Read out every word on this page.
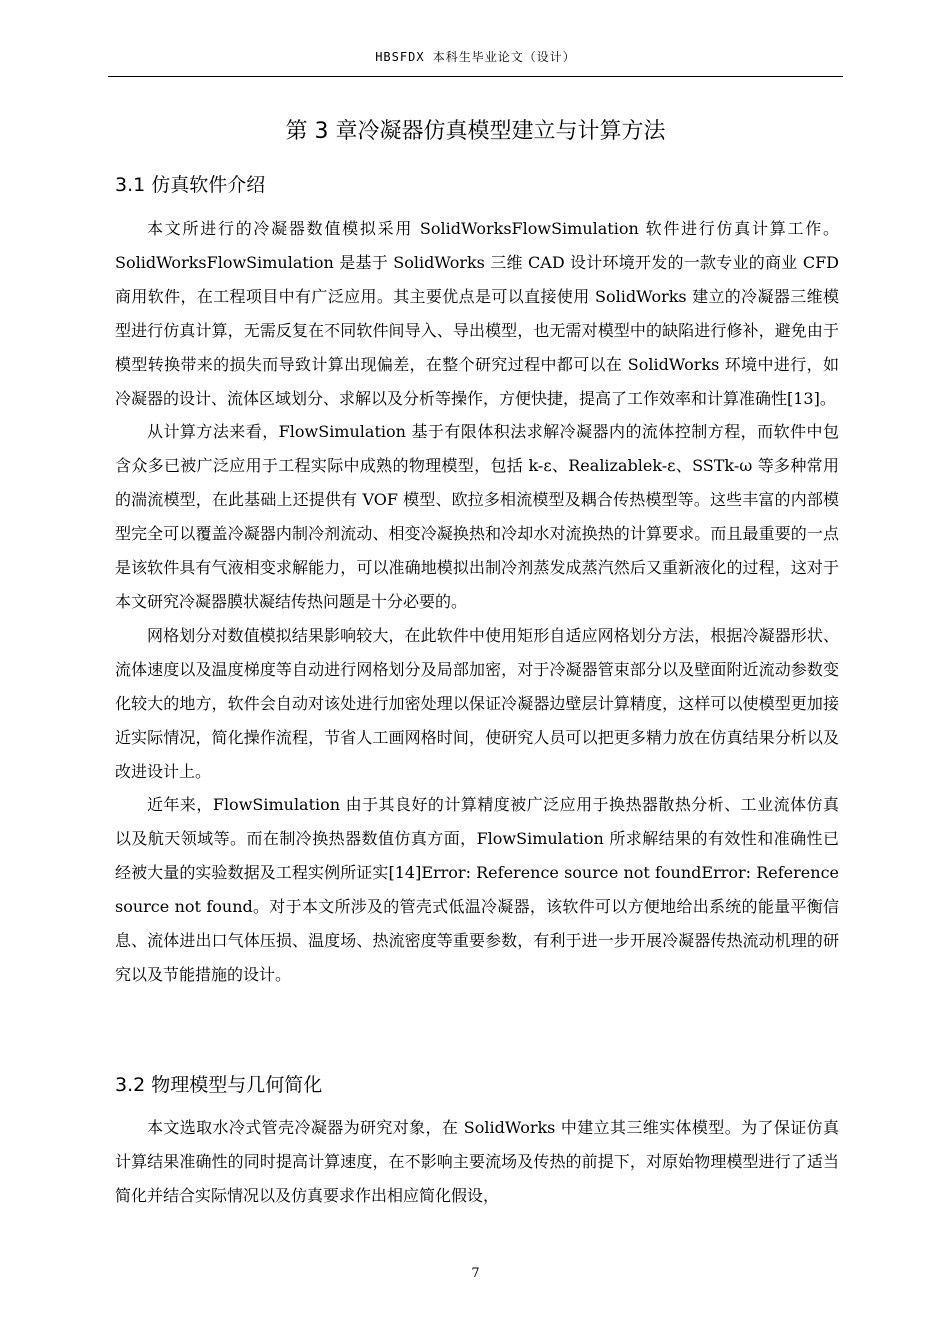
HBSFDX 本科生毕业论文（设计）
第 3 章冷凝器仿真模型建立与计算方法
3.1 仿真软件介绍

本文所进行的冷凝器数值模拟采用 SolidWorksFlowSimulation 软件进行仿真计算工作。SolidWorksFlowSimulation 是基于 SolidWorks 三维 CAD 设计环境开发的一款专业的商业 CFD 商用软件，在工程项目中有广泛应用。其主要优点是可以直接使用 SolidWorks 建立的冷凝器三维模型进行仿真计算，无需反复在不同软件间导入、导出模型，也无需对模型中的缺陷进行修补，避免由于模型转换带来的损失而导致计算出现偏差，在整个研究过程中都可以在 SolidWorks 环境中进行，如冷凝器的设计、流体区域划分、求解以及分析等操作，方便快捷，提高了工作效率和计算准确性[13]。

从计算方法来看，FlowSimulation 基于有限体积法求解冷凝器内的流体控制方程，而软件中包含众多已被广泛应用于工程实际中成熟的物理模型，包括 k-ε、Realizablek-ε、SSTk-ω 等多种常用的湍流模型，在此基础上还提供有 VOF 模型、欧拉多相流模型及耦合传热模型等。这些丰富的内部模型完全可以覆盖冷凝器内制冷剂流动、相变冷凝换热和冷却水对流换热的计算要求。而且最重要的一点是该软件具有气液相变求解能力，可以准确地模拟出制冷剂蒸发成蒸汽然后又重新液化的过程，这对于本文研究冷凝器膜状凝结传热问题是十分必要的。

网格划分对数值模拟结果影响较大，在此软件中使用矩形自适应网格划分方法，根据冷凝器形状、流体速度以及温度梯度等自动进行网格划分及局部加密，对于冷凝器管束部分以及壁面附近流动参数变化较大的地方，软件会自动对该处进行加密处理以保证冷凝器边壁层计算精度，这样可以使模型更加接近实际情况，简化操作流程，节省人工画网格时间，使研究人员可以把更多精力放在仿真结果分析以及改进设计上。

近年来，FlowSimulation 由于其良好的计算精度被广泛应用于换热器散热分析、工业流体仿真以及航天领域等。而在制冷换热器数值仿真方面，FlowSimulation 所求解结果的有效性和准确性已经被大量的实验数据及工程实例所证实[14]Error: Reference source not foundError: Reference source not found。对于本文所涉及的管壳式低温冷凝器，该软件可以方便地给出系统的能量平衡信息、流体进出口气体压损、温度场、热流密度等重要参数，有利于进一步开展冷凝器传热流动机理的研究以及节能措施的设计。

3.2 物理模型与几何简化

本文选取水冷式管壳冷凝器为研究对象，在 SolidWorks 中建立其三维实体模型。为了保证仿真计算结果准确性的同时提高计算速度，在不影响主要流场及传热的前提下，对原始物理模型进行了适当简化并结合实际情况以及仿真要求作出相应简化假设，

7
